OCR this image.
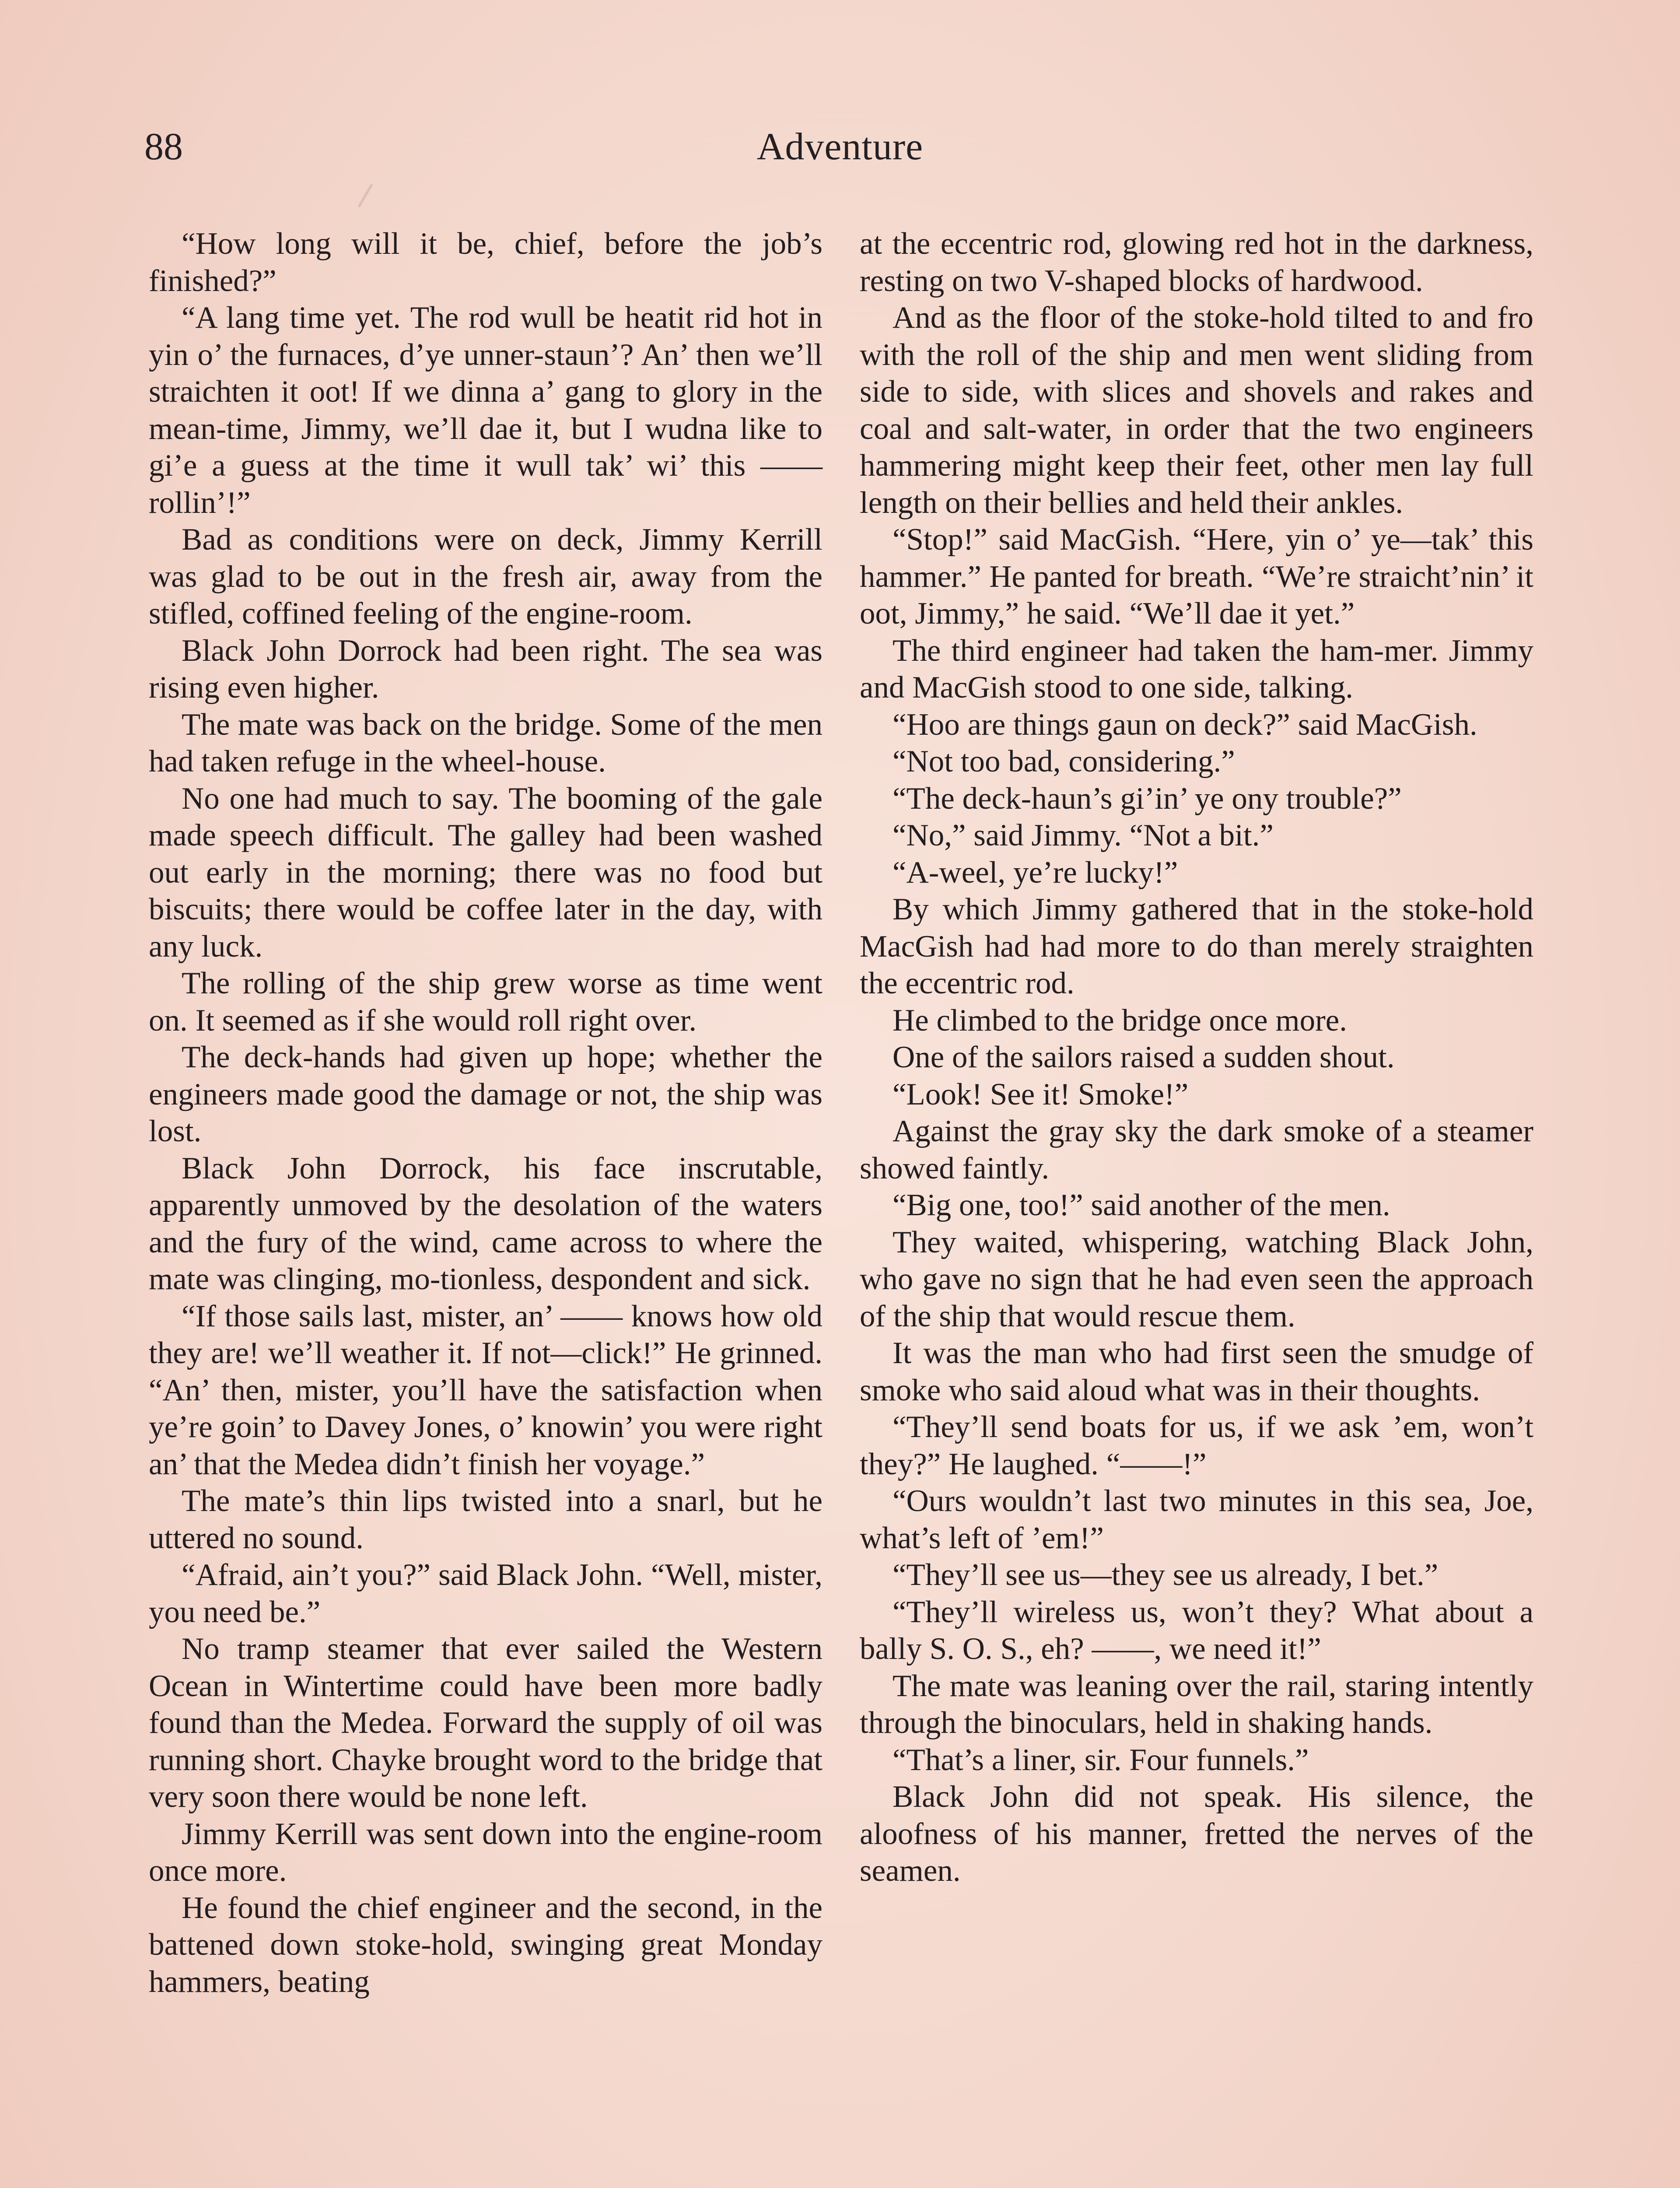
88	Adventure

“How long will it be, chief, before the job’s finished?”

“A lang time yet. The rod wull be heatit rid hot in yin o’ the furnaces, d’ye unner-staun’? An’ then we’ll straichten it oot! If we dinna a’ gang to glory in the mean-time, Jimmy, we’ll dae it, but I wudna like to gi’e a guess at the time it wull tak’ wi’ this —— rollin’!”

Bad as conditions were on deck, Jimmy Kerrill was glad to be out in the fresh air, away from the stifled, coffined feeling of the engine-room.

Black John Dorrock had been right. The sea was rising even higher.

The mate was back on the bridge. Some of the men had taken refuge in the wheel-house.

No one had much to say. The booming of the gale made speech difficult. The galley had been washed out early in the morning; there was no food but biscuits; there would be coffee later in the day, with any luck.

The rolling of the ship grew worse as time went on. It seemed as if she would roll right over.

The deck-hands had given up hope; whether the engineers made good the damage or not, the ship was lost.

Black John Dorrock, his face inscrutable, apparently unmoved by the desolation of the waters and the fury of the wind, came across to where the mate was clinging, mo-tionless, despondent and sick.

“If those sails last, mister, an’ —— knows how old they are! we’ll weather it. If not—click!” He grinned. “An’ then, mister, you’ll have the satisfaction when ye’re goin’ to Davey Jones, o’ knowin’ you were right an’ that the Medea didn’t finish her voyage.”

The mate’s thin lips twisted into a snarl, but he uttered no sound.

“Afraid, ain’t you?” said Black John. “Well, mister, you need be.”

No tramp steamer that ever sailed the Western Ocean in Wintertime could have been more badly found than the Medea. Forward the supply of oil was running short. Chayke brought word to the bridge that very soon there would be none left.

Jimmy Kerrill was sent down into the engine-room once more.

He found the chief engineer and the second, in the battened down stoke-hold, swinging great Monday hammers, beating

at the eccentric rod, glowing red hot in the darkness, resting on two V-shaped blocks of hardwood.

And as the floor of the stoke-hold tilted to and fro with the roll of the ship and men went sliding from side to side, with slices and shovels and rakes and coal and salt-water, in order that the two engineers hammering might keep their feet, other men lay full length on their bellies and held their ankles.

“Stop!” said MacGish. “Here, yin o’ ye—tak’ this hammer.” He panted for breath. “We’re straicht’nin’ it oot, Jimmy,” he said. “We’ll dae it yet.”

The third engineer had taken the ham-mer. Jimmy and MacGish stood to one side, talking.

“Hoo are things gaun on deck?” said MacGish.

“Not too bad, considering.”

“The deck-haun’s gi’in’ ye ony trouble?”

“No,” said Jimmy. “Not a bit.”

“A-weel, ye’re lucky!”

By which Jimmy gathered that in the stoke-hold MacGish had had more to do than merely straighten the eccentric rod.

He climbed to the bridge once more.

One of the sailors raised a sudden shout.

“Look! See it! Smoke!”

Against the gray sky the dark smoke of a steamer showed faintly.

“Big one, too!” said another of the men.

They waited, whispering, watching Black John, who gave no sign that he had even seen the approach of the ship that would rescue them.

It was the man who had first seen the smudge of smoke who said aloud what was in their thoughts.

“They’ll send boats for us, if we ask ’em, won’t they?” He laughed. “——!”

“Ours wouldn’t last two minutes in this sea, Joe, what’s left of ’em!”

“They’ll see us—they see us already, I bet.”

“They’ll wireless us, won’t they? What about a bally S. O. S., eh? ——, we need it!”

The mate was leaning over the rail, staring intently through the binoculars, held in shaking hands.

“That’s a liner, sir. Four funnels.”

Black John did not speak. His silence, the aloofness of his manner, fretted the nerves of the seamen.
